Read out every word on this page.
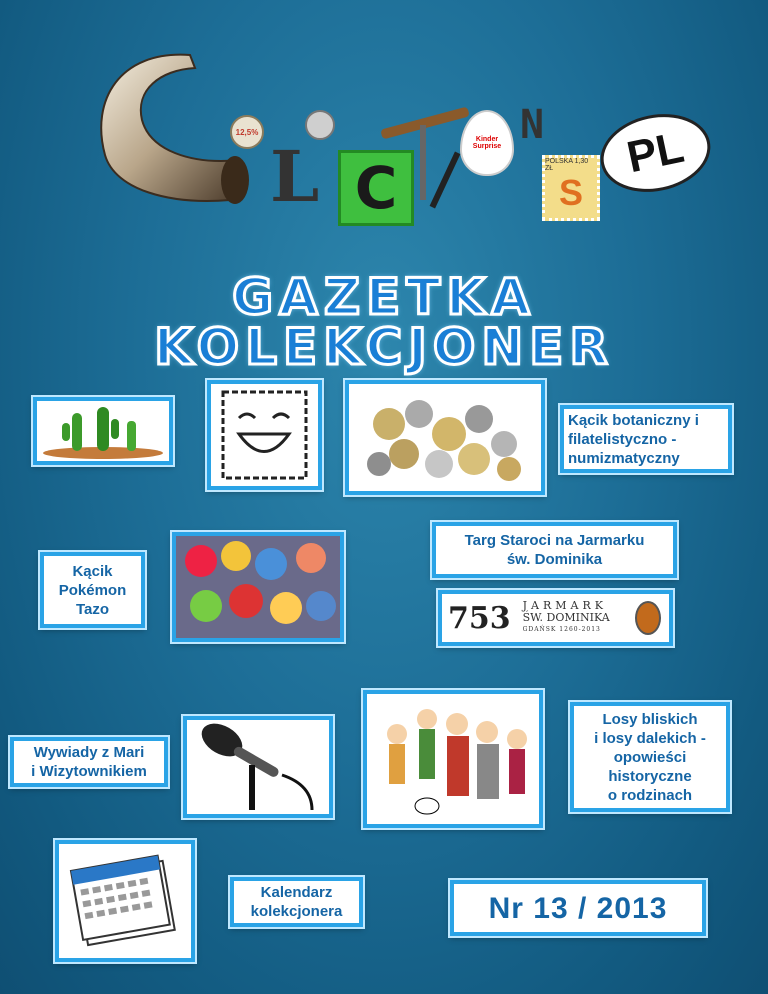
12,5%
L C
Kinder Surprise N
POLSKA 1,30 ZŁ
S
PL
GAZETKA
KOLEKCJONER
Kącik botaniczny i
filatelistyczno -
numizmatyczny
Kącik
Pokémon
Tazo
Targ Staroci na Jarmarku
św. Dominika
753 JARMARK
ŚW. DOMINIKA
GDAŃSK 1260-2013
Wywiady z Mari
i Wizytownikiem
Losy bliskich
i losy dalekich -
opowieści
historyczne
o rodzinach
Kalendarz
kolekcjonera	Nr 13 / 2013
